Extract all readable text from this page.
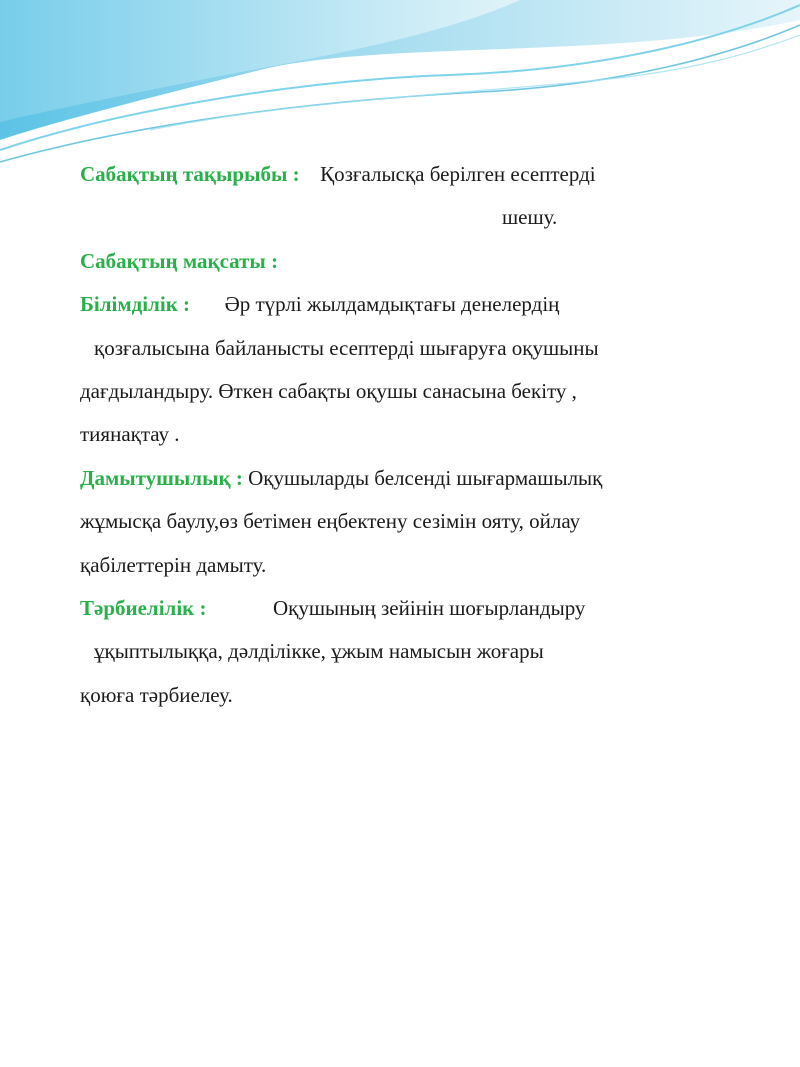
Сабақтың тақырыбы : Қозғалысқа берілген есептерді
шешу.
Сабақтың мақсаты :
Білімділік : Әр түрлі жылдамдықтағы денелердің
қозғалысына байланысты есептерді шығаруға оқушыны
дағдыландыру. Өткен сабақты оқушы санасына бекіту ,
тиянақтау .
Дамытушылық : Оқушыларды белсенді шығармашылық
жұмысқа баулу,өз бетімен еңбектену сезімін ояту, ойлау
қабілеттерін дамыту.
Тәрбиелілік :	Оқушының зейінін шоғырландыру
ұқыптылыққа, дәлділікке, ұжым намысын жоғары
қоюға тәрбиелеу.
